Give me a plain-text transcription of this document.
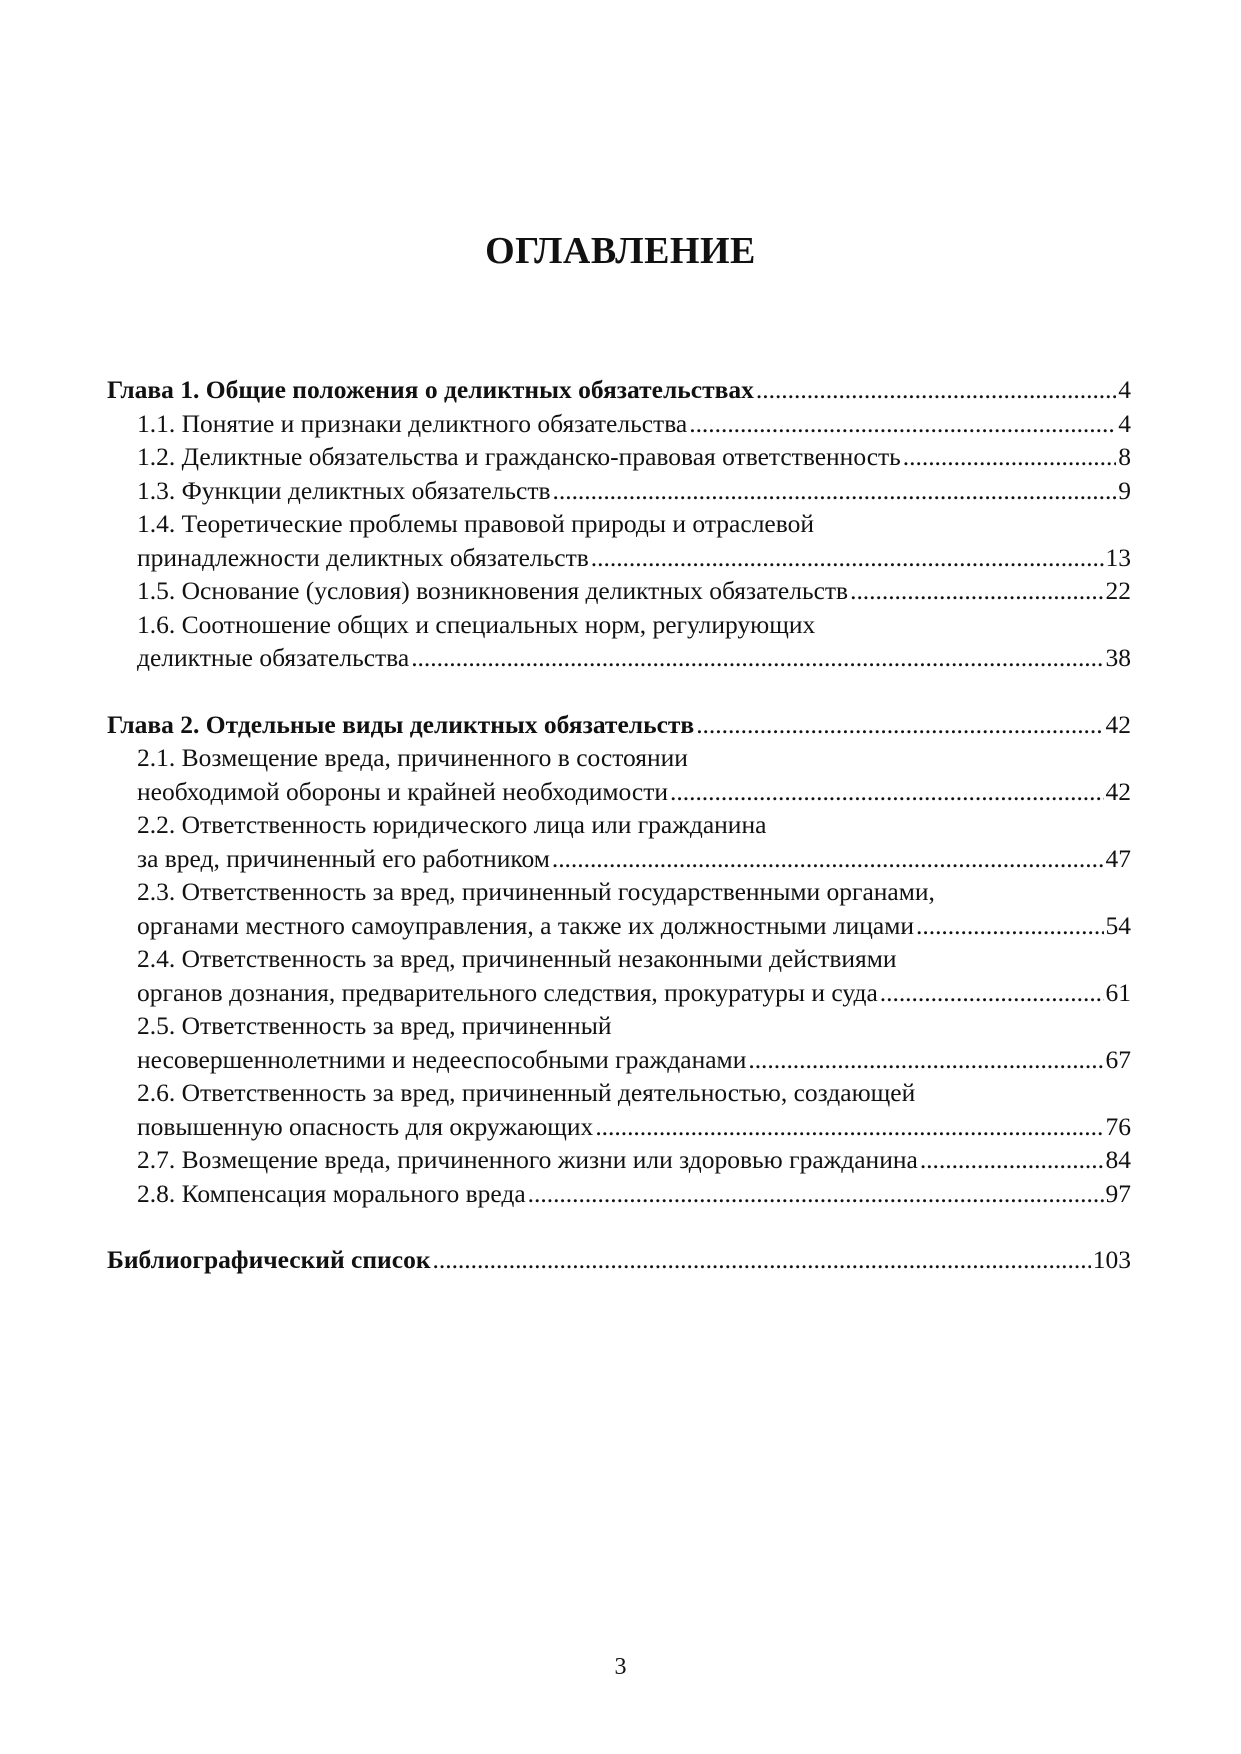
ОГЛАВЛЕНИЕ
Глава 1. Общие положения о деликтных обязательствах . . .	4
1.1. Понятие и признаки деликтного обязательства . . .	4
1.2. Деликтные обязательства и гражданско-правовая ответственность . . .	8
1.3. Функции деликтных обязательств . . .	9
1.4. Теоретические проблемы правовой природы и отраслевой
принадлежности деликтных обязательств . . .	13
1.5. Основание (условия) возникновения деликтных обязательств . . .	22
1.6. Соотношение общих и специальных норм, регулирующих
деликтные обязательства . . .	38
Глава 2. Отдельные виды деликтных обязательств . . .	42
2.1. Возмещение вреда, причиненного в состоянии
необходимой обороны и крайней необходимости . . .	42
2.2. Ответственность юридического лица или гражданина
за вред, причиненный его работником . . .	47
2.3. Ответственность за вред, причиненный государственными органами,
органами местного самоуправления, а также их должностными лицами . . .	54
2.4. Ответственность за вред, причиненный незаконными действиями
органов дознания, предварительного следствия, прокуратуры и суда . . .	61
2.5. Ответственность за вред, причиненный
несовершеннолетними и недееспособными гражданами . . .	67
2.6. Ответственность за вред, причиненный деятельностью, создающей
повышенную опасность для окружающих . . .	76
2.7. Возмещение вреда, причиненного жизни или здоровью гражданина . . .	84
2.8. Компенсация морального вреда . . .	97
Библиографический список . . .	103
3
